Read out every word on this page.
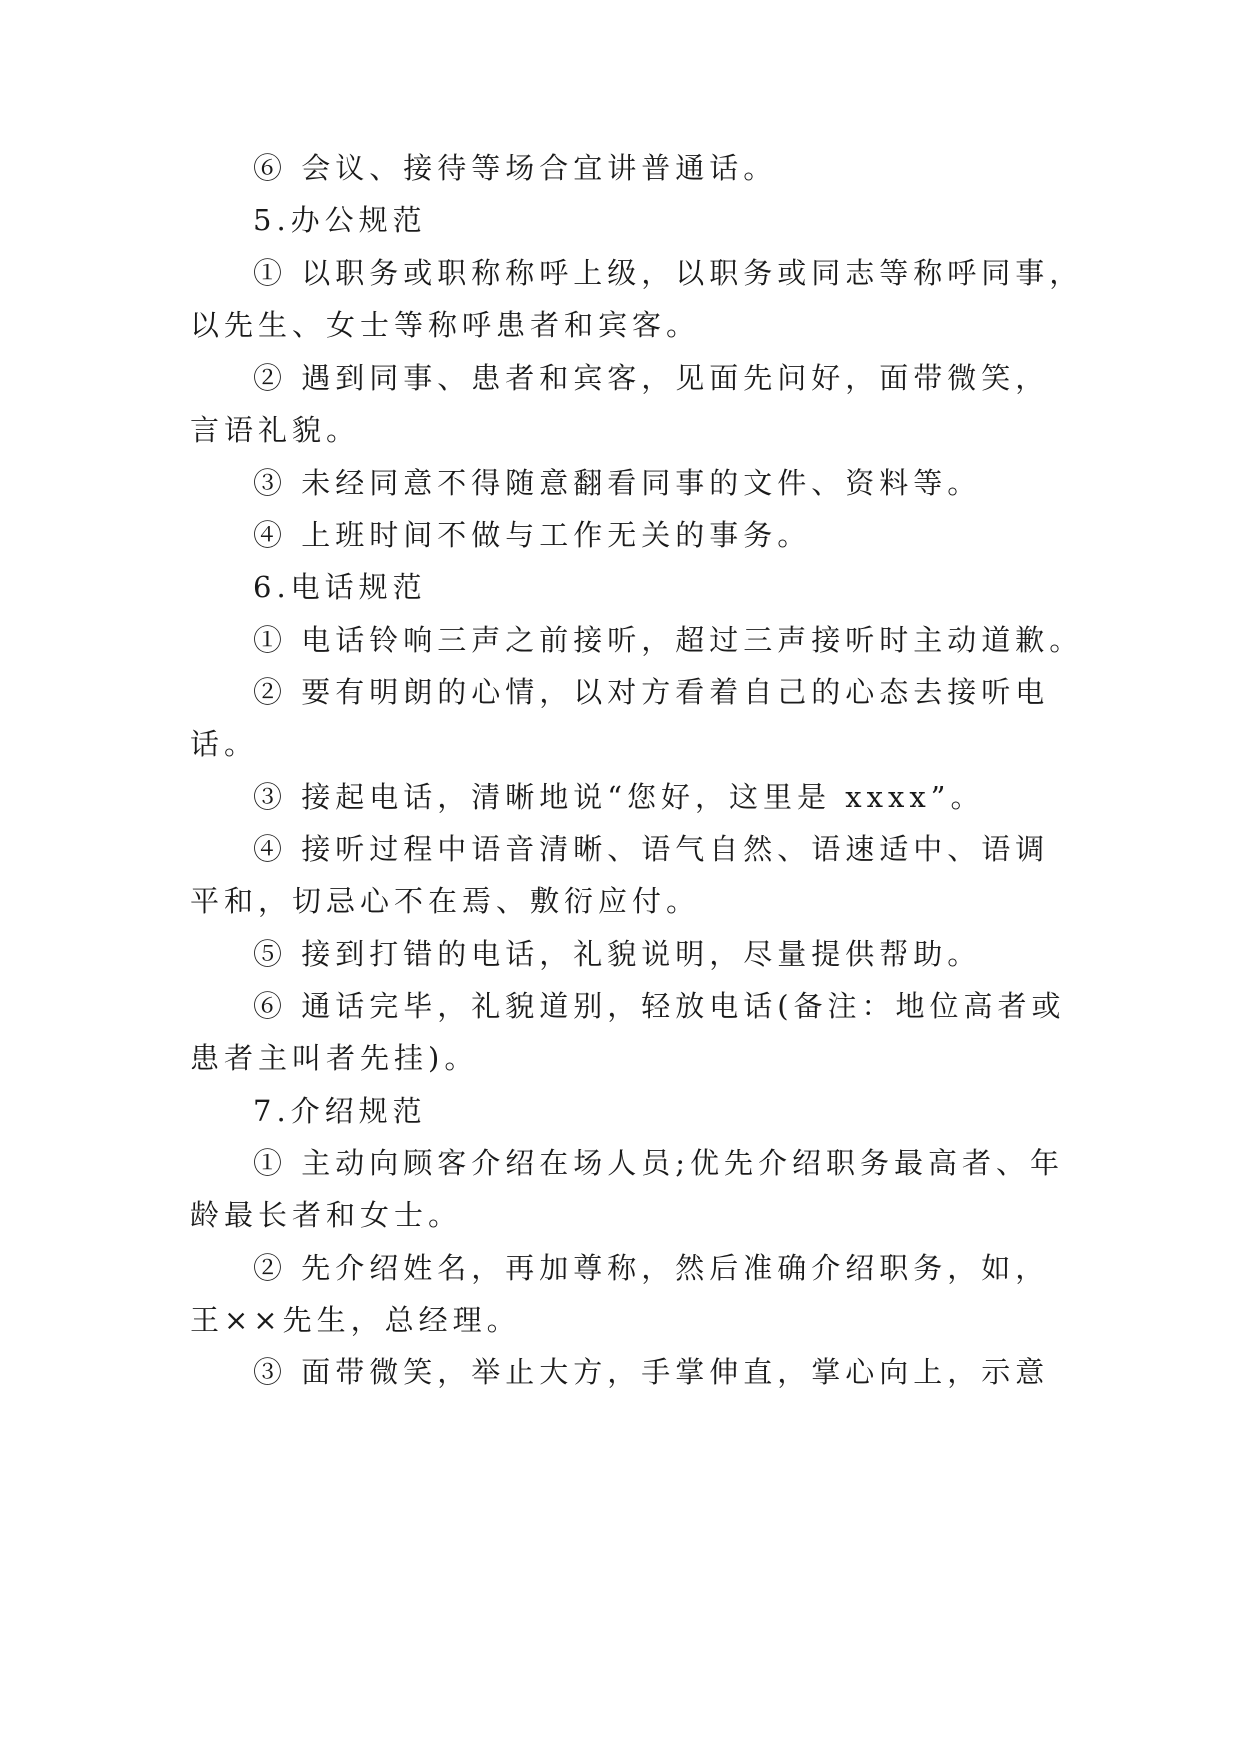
⑥ 会议、接待等场合宜讲普通话。
5.办公规范
① 以职务或职称称呼上级，以职务或同志等称呼同事，
以先生、女士等称呼患者和宾客。
② 遇到同事、患者和宾客，见面先问好，面带微笑，
言语礼貌。
③ 未经同意不得随意翻看同事的文件、资料等。
④ 上班时间不做与工作无关的事务。
6.电话规范
① 电话铃响三声之前接听，超过三声接听时主动道歉。
② 要有明朗的心情，以对方看着自己的心态去接听电
话。
③ 接起电话，清晰地说“您好，这里是 xxxx”。
④ 接听过程中语音清晰、语气自然、语速适中、语调
平和，切忌心不在焉、敷衍应付。
⑤ 接到打错的电话，礼貌说明，尽量提供帮助。
⑥ 通话完毕，礼貌道别，轻放电话(备注：地位高者或
患者主叫者先挂)。
7.介绍规范
① 主动向顾客介绍在场人员;优先介绍职务最高者、年
龄最长者和女士。
② 先介绍姓名，再加尊称，然后准确介绍职务，如，
王××先生，总经理。
③ 面带微笑，举止大方，手掌伸直，掌心向上，示意
